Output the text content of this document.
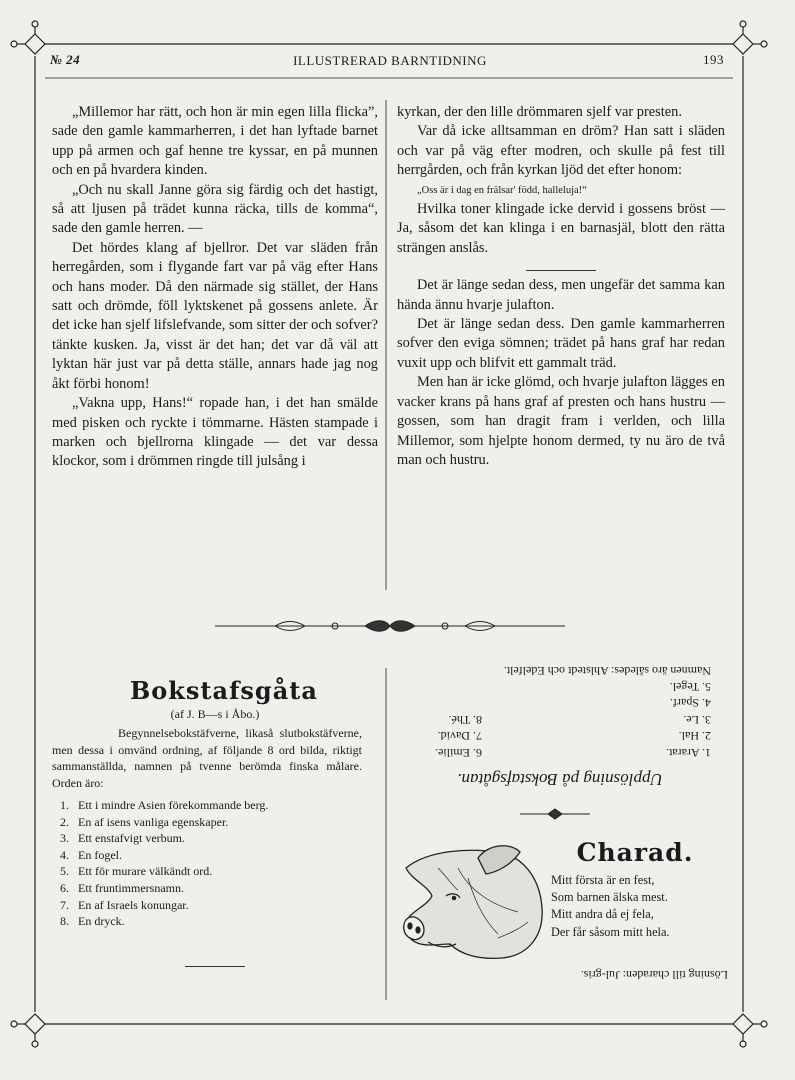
№ 24	ILLUSTRERAD BARNTIDNING	193

„Millemor har rätt, och hon är min egen lilla flicka”, sade den gamle kammarherren, i det han lyftade barnet upp på armen och gaf henne tre kyssar, en på munnen och en på hvardera kinden.

„Och nu skall Janne göra sig färdig och det hastigt, så att ljusen på trädet kunna räcka, tills de komma“, sade den gamle herren. —

Det hördes klang af bjellror. Det var släden från herregården, som i flygande fart var på väg efter Hans och hans moder. Då den närmade sig stället, der Hans satt och drömde, föll lyktskenet på gossens anlete. Är det icke han sjelf lifslefvande, som sitter der och sofver? tänkte kusken. Ja, visst är det han; det var då väl att lyktan här just var på detta ställe, annars hade jag nog åkt förbi honom!

„Vakna upp, Hans!“ ropade han, i det han smälde med pisken och ryckte i tömmarne. Hästen stampade i marken och bjellrorna klingade — det var dessa klockor, som i drömmen ringde till julsång i

kyrkan, der den lille drömmaren sjelf var presten.

Var då icke alltsamman en dröm? Han satt i släden och var på väg efter modren, och skulle på fest till herrgården, och från kyrkan ljöd det efter honom:

„Oss är i dag en frälsar' född, halleluja!“

Hvilka toner klingade icke dervid i gossens bröst — Ja, såsom det kan klinga i en barnasjäl, blott den rätta strängen anslås.

Det är länge sedan dess, men ungefär det samma kan hända ännu hvarje julafton.

Det är länge sedan dess. Den gamle kammarherren sofver den eviga sömnen; trädet på hans graf har redan vuxit upp och blifvit ett gammalt träd.

Men han är icke glömd, och hvarje julafton lägges en vacker krans på hans graf af presten och hans hustru — gossen, som han dragit fram i verlden, och lilla Millemor, som hjelpte honom dermed, ty nu äro de två man och hustru.

Bokstafsgåta
(af J. B—s i Åbo.)

Begynnelsebokstäfverne, likaså slutbokstäfverne, men dessa i omvänd ordning, af följande 8 ord bilda, riktigt sammanställda, namnen på tvenne berömda finska målare. Orden äro:

1. Ett i mindre Asien förekommande berg.
2. En af isens vanliga egenskaper.
3. Ett enstafvigt verbum.
4. En fogel.
5. Ett för murare välkändt ord.
6. Ett fruntimmersnamn.
7. En af Israels konungar.
8. En dryck.
Upplösning på Bokstafsgåtan.
1. Ararat.
2. Hal.
3. Le.
4. Sparf.
5. Tegel.
6. Emilie.
7. David.
8. Thé.
Namnen äro således: Ahlstedt och Edelfelt.
Charad.
Mitt första är en fest,
Som barnen älska mest.
Mitt andra då ej fela,
Der får såsom mitt hela.
Lösning till charaden: Jul-gris.
